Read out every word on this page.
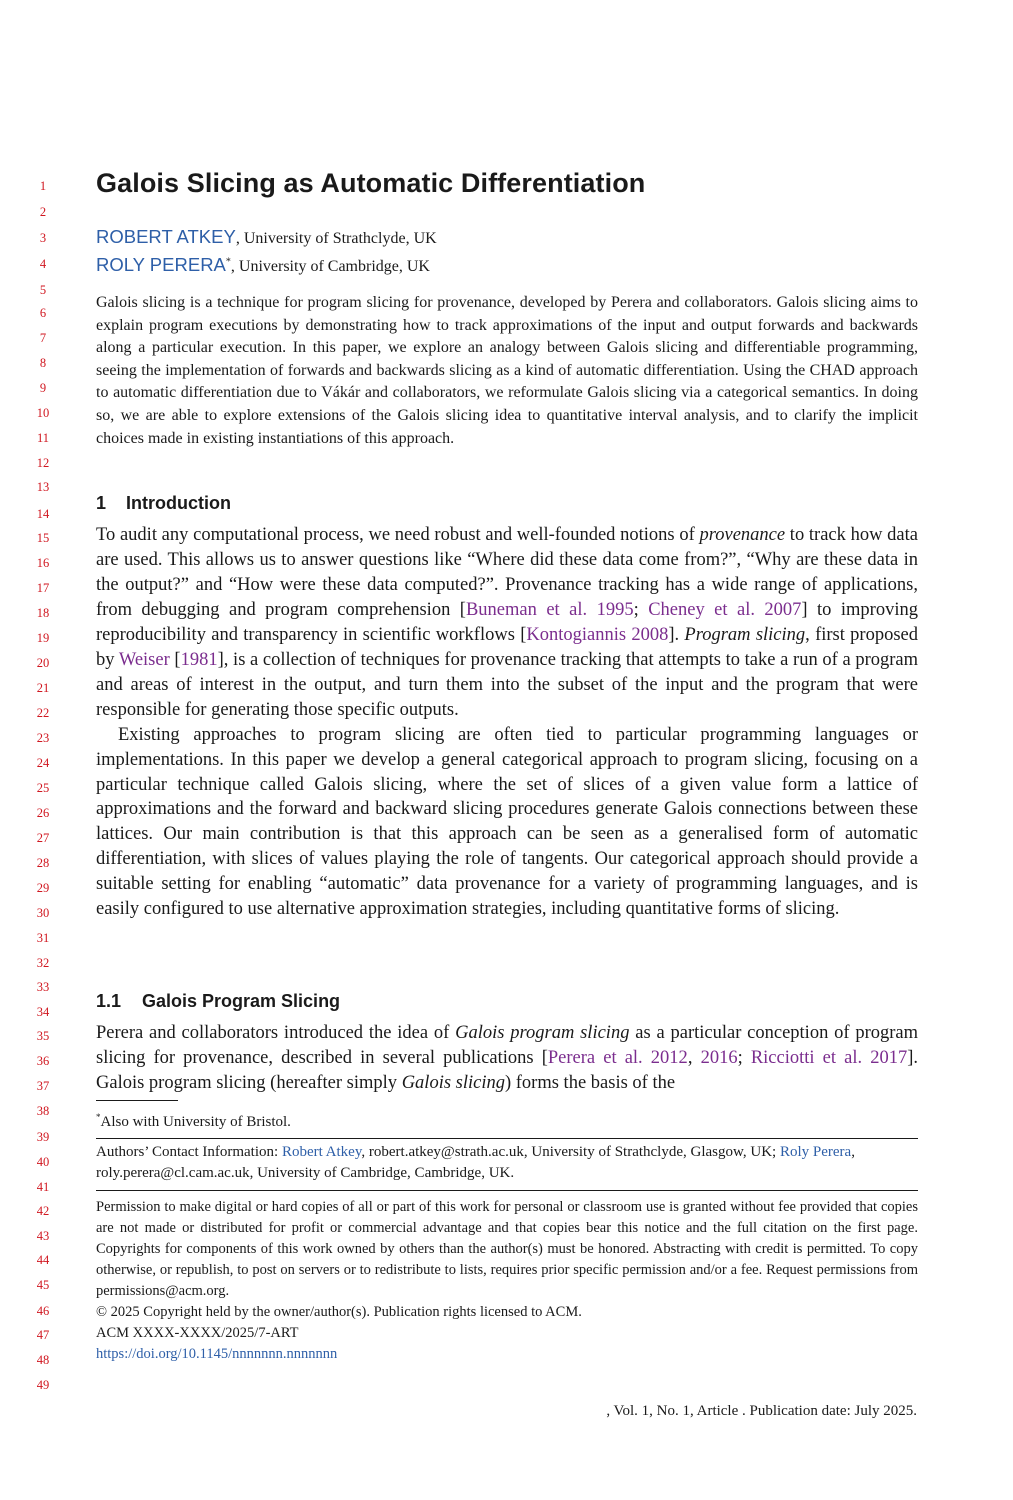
1
2
3
4
5
6
7
8
9
10
11
12
13
14
15
16
17
18
19
20
21
22
23
24
25
26
27
28
29
30
31
32
33
34
35
36
37
38
39
40
41
42
43
44
45
46
47
48
49
Galois Slicing as Automatic Differentiation
ROBERT ATKEY, University of Strathclyde, UK
ROLY PERERA*, University of Cambridge, UK
Galois slicing is a technique for program slicing for provenance, developed by Perera and collaborators. Galois slicing aims to explain program executions by demonstrating how to track approximations of the input and output forwards and backwards along a particular execution. In this paper, we explore an analogy between Galois slicing and differentiable programming, seeing the implementation of forwards and backwards slicing as a kind of automatic differentiation. Using the CHAD approach to automatic differentiation due to Vákár and collaborators, we reformulate Galois slicing via a categorical semantics. In doing so, we are able to explore extensions of the Galois slicing idea to quantitative interval analysis, and to clarify the implicit choices made in existing instantiations of this approach.
1 Introduction

To audit any computational process, we need robust and well-founded notions of provenance to track how data are used. This allows us to answer questions like “Where did these data come from?”, “Why are these data in the output?” and “How were these data computed?”. Provenance tracking has a wide range of applications, from debugging and program comprehension [Buneman et al. 1995; Cheney et al. 2007] to improving reproducibility and transparency in scientific workflows [Kontogiannis 2008]. Program slicing, first proposed by Weiser [1981], is a collection of techniques for provenance tracking that attempts to take a run of a program and areas of interest in the output, and turn them into the subset of the input and the program that were responsible for generating those specific outputs.

Existing approaches to program slicing are often tied to particular programming languages or implementations. In this paper we develop a general categorical approach to program slicing, focusing on a particular technique called Galois slicing, where the set of slices of a given value form a lattice of approximations and the forward and backward slicing procedures generate Galois connections between these lattices. Our main contribution is that this approach can be seen as a generalised form of automatic differentiation, with slices of values playing the role of tangents. Our categorical approach should provide a suitable setting for enabling “automatic” data provenance for a variety of programming languages, and is easily configured to use alternative approximation strategies, including quantitative forms of slicing.

1.1 Galois Program Slicing

Perera and collaborators introduced the idea of Galois program slicing as a particular conception of program slicing for provenance, described in several publications [Perera et al. 2012, 2016; Ricciotti et al. 2017]. Galois program slicing (hereafter simply Galois slicing) forms the basis of the

*Also with University of Bristol.
Authors’ Contact Information: Robert Atkey, robert.atkey@strath.ac.uk, University of Strathclyde, Glasgow, UK; Roly Perera, roly.perera@cl.cam.ac.uk, University of Cambridge, Cambridge, UK.
Permission to make digital or hard copies of all or part of this work for personal or classroom use is granted without fee provided that copies are not made or distributed for profit or commercial advantage and that copies bear this notice and the full citation on the first page. Copyrights for components of this work owned by others than the author(s) must be honored. Abstracting with credit is permitted. To copy otherwise, or republish, to post on servers or to redistribute to lists, requires prior specific permission and/or a fee. Request permissions from permissions@acm.org.
© 2025 Copyright held by the owner/author(s). Publication rights licensed to ACM.
ACM XXXX-XXXX/2025/7-ART
https://doi.org/10.1145/nnnnnnn.nnnnnnn
, Vol. 1, No. 1, Article . Publication date: July 2025.
